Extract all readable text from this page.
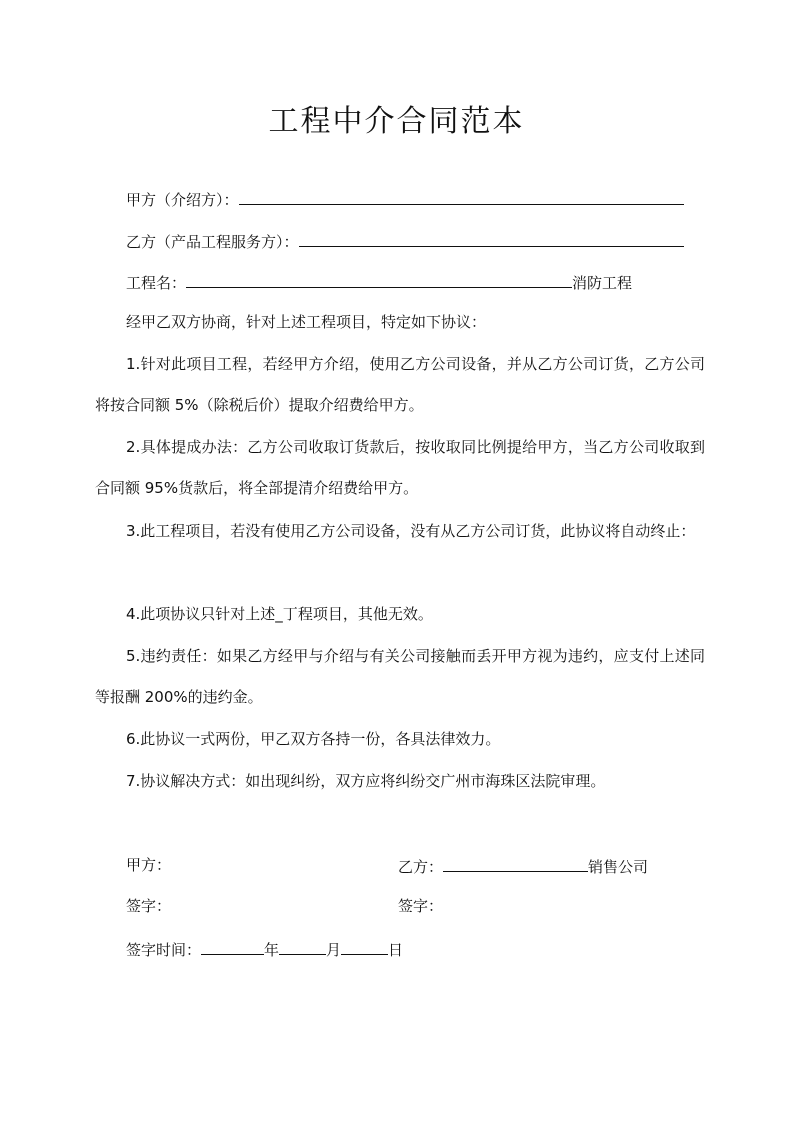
工程中介合同范本
甲方（介绍方）：
乙方（产品工程服务方）：
工程名：	消防工程
经甲乙双方协商，针对上述工程项目，特定如下协议：
1.针对此项目工程，若经甲方介绍，使用乙方公司设备，并从乙方公司订货，乙方公司将按合同额 5%（除税后价）提取介绍费给甲方。
2.具体提成办法：乙方公司收取订货款后，按收取同比例提给甲方，当乙方公司收取到合同额 95%货款后，将全部提清介绍费给甲方。
3.此工程项目，若没有使用乙方公司设备，没有从乙方公司订货，此协议将自动终止：
4.此项协议只针对上述_丁程项目，其他无效。
5.违约责任：如果乙方经甲与介绍与有关公司接触而丢开甲方视为违约，应支付上述同等报酬 200%的违约金。
6.此协议一式两份，甲乙双方各持一份，各具法律效力。
7.协议解决方式：如出现纠纷，双方应将纠纷交广州市海珠区法院审理。
甲方：	乙方：	销售公司
签字：	签字：
签字时间：	年	月	日
